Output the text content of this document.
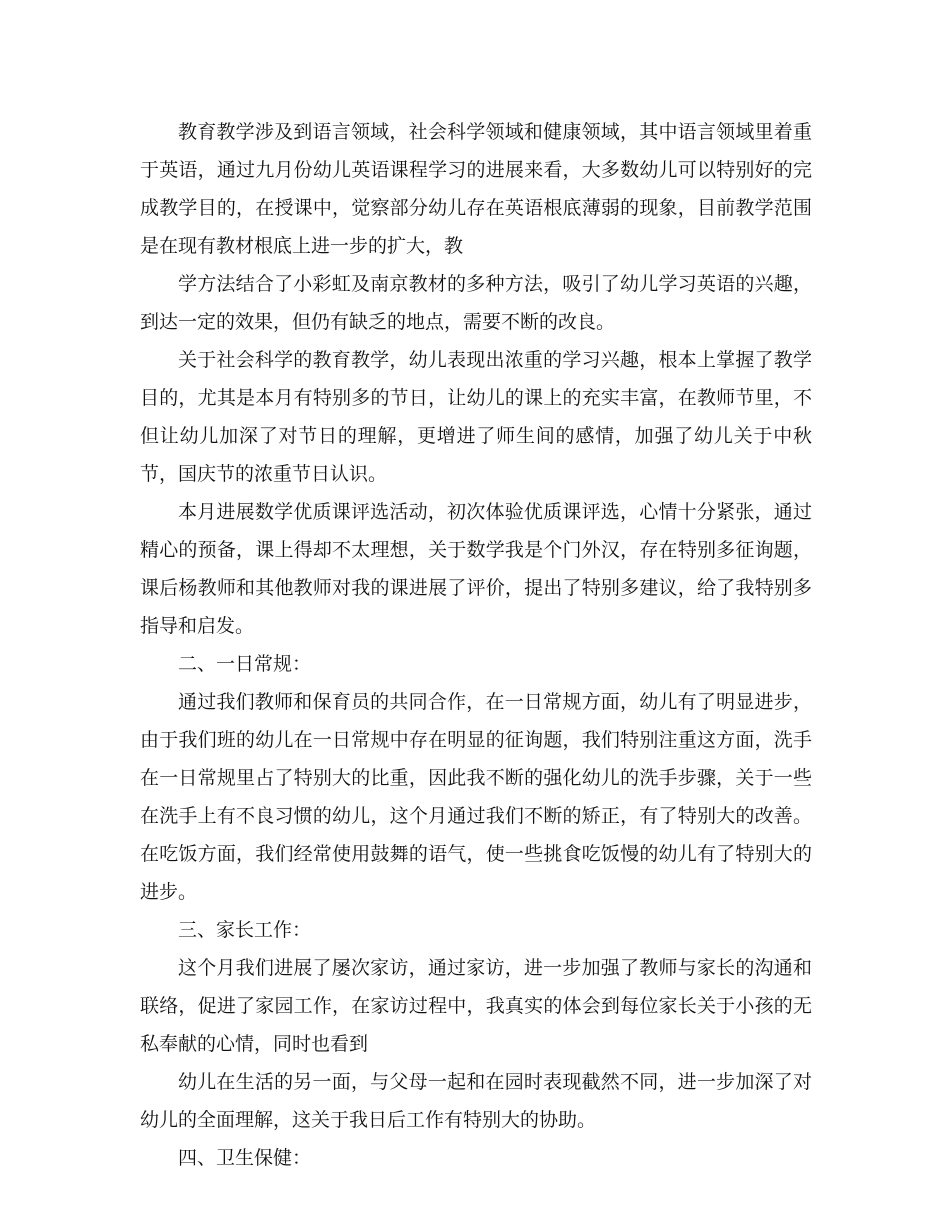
教育教学涉及到语言领域，社会科学领域和健康领域，其中语言领域里着重于英语，通过九月份幼儿英语课程学习的进展来看，大多数幼儿可以特别好的完成教学目的，在授课中，觉察部分幼儿存在英语根底薄弱的现象，目前教学范围是在现有教材根底上进一步的扩大，教

学方法结合了小彩虹及南京教材的多种方法，吸引了幼儿学习英语的兴趣，到达一定的效果，但仍有缺乏的地点，需要不断的改良。

关于社会科学的教育教学，幼儿表现出浓重的学习兴趣，根本上掌握了教学目的，尤其是本月有特别多的节日，让幼儿的课上的充实丰富，在教师节里，不但让幼儿加深了对节日的理解，更增进了师生间的感情，加强了幼儿关于中秋节，国庆节的浓重节日认识。

本月进展数学优质课评选活动，初次体验优质课评选，心情十分紧张，通过精心的预备，课上得却不太理想，关于数学我是个门外汉，存在特别多征询题，课后杨教师和其他教师对我的课进展了评价，提出了特别多建议，给了我特别多指导和启发。

二、一日常规：

通过我们教师和保育员的共同合作，在一日常规方面，幼儿有了明显进步，由于我们班的幼儿在一日常规中存在明显的征询题，我们特别注重这方面，洗手在一日常规里占了特别大的比重，因此我不断的强化幼儿的洗手步骤，关于一些在洗手上有不良习惯的幼儿，这个月通过我们不断的矫正，有了特别大的改善。在吃饭方面，我们经常使用鼓舞的语气，使一些挑食吃饭慢的幼儿有了特别大的进步。

三、家长工作：

这个月我们进展了屡次家访，通过家访，进一步加强了教师与家长的沟通和联络，促进了家园工作，在家访过程中，我真实的体会到每位家长关于小孩的无私奉献的心情，同时也看到

幼儿在生活的另一面，与父母一起和在园时表现截然不同，进一步加深了对幼儿的全面理解，这关于我日后工作有特别大的协助。

四、卫生保健：
